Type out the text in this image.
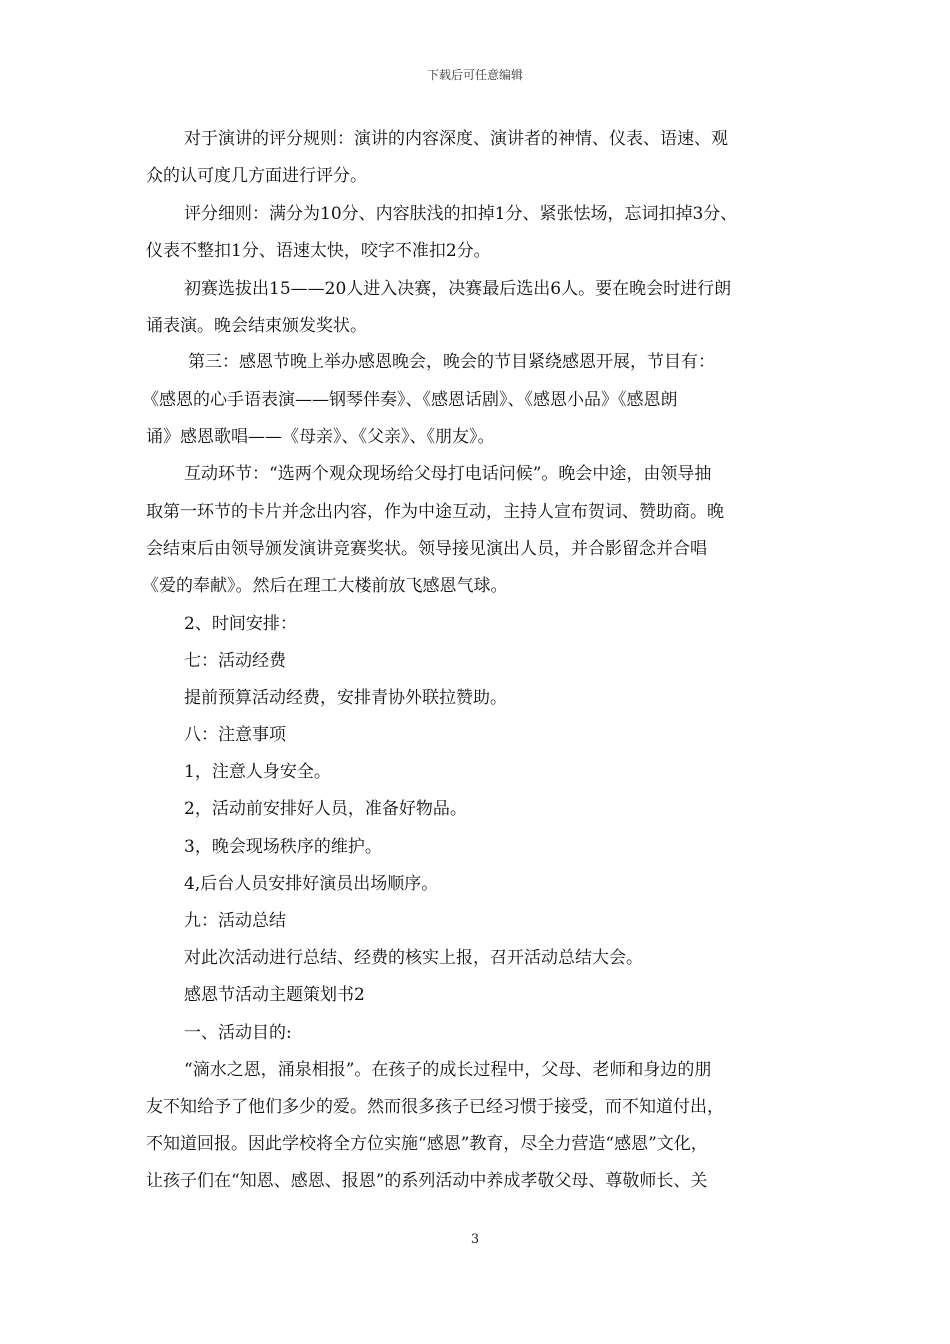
下载后可任意编辑
对于演讲的评分规则：演讲的内容深度、演讲者的神情、仪表、语速、观
众的认可度几方面进行评分。
评分细则：满分为10分、内容肤浅的扣掉1分、紧张怯场，忘词扣掉3分、
仪表不整扣1分、语速太快，咬字不准扣2分。
初赛选拔出15——20人进入决赛，决赛最后选出6人。要在晚会时进行朗
诵表演。晚会结束颁发奖状。
第三：感恩节晚上举办感恩晚会，晚会的节目紧绕感恩开展，节目有：
《感恩的心手语表演——钢琴伴奏》、《感恩话剧》、《感恩小品》《感恩朗
诵》感恩歌唱——《母亲》、《父亲》、《朋友》。
互动环节：“选两个观众现场给父母打电话问候”。晚会中途，由领导抽
取第一环节的卡片并念出内容，作为中途互动，主持人宣布贺词、赞助商。晚
会结束后由领导颁发演讲竞赛奖状。领导接见演出人员，并合影留念并合唱
《爱的奉献》。然后在理工大楼前放飞感恩气球。
2、时间安排：
七：活动经费
提前预算活动经费，安排青协外联拉赞助。
八：注意事项
1，注意人身安全。
2，活动前安排好人员，准备好物品。
3，晚会现场秩序的维护。
4,后台人员安排好演员出场顺序。
九：活动总结
对此次活动进行总结、经费的核实上报，召开活动总结大会。
感恩节活动主题策划书2
一、活动目的:
“滴水之恩，涌泉相报”。在孩子的成长过程中，父母、老师和身边的朋
友不知给予了他们多少的爱。然而很多孩子已经习惯于接受，而不知道付出，
不知道回报。因此学校将全方位实施“感恩”教育，尽全力营造“感恩”文化，
让孩子们在“知恩、感恩、报恩”的系列活动中养成孝敬父母、尊敬师长、关
3
